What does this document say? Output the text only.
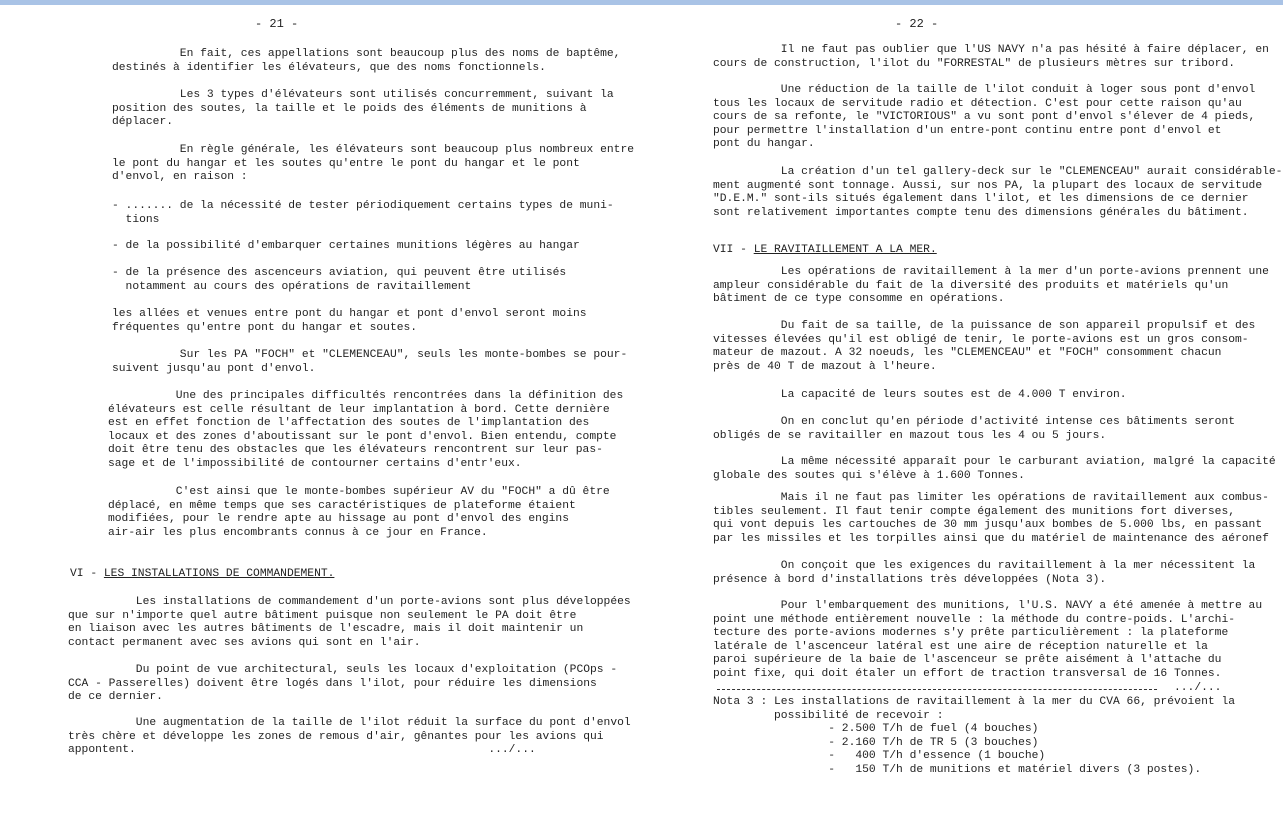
- 21 -
En fait, ces appellations sont beaucoup plus des noms de baptême,
destinés à identifier les élévateurs, que des noms fonctionnels.
Les 3 types d'élévateurs sont utilisés concurremment, suivant la
position des soutes, la taille et le poids des éléments de munitions à
déplacer.
En règle générale, les élévateurs sont beaucoup plus nombreux entre
le pont du hangar et les soutes qu'entre le pont du hangar et le pont
d'envol, en raison :
- ....... de la nécessité de tester périodiquement certains types de muni-
tions
- de la possibilité d'embarquer certaines munitions légères au hangar
- de la présence des ascenceurs aviation, qui peuvent être utilisés
notamment au cours des opérations de ravitaillement
les allées et venues entre pont du hangar et pont d'envol seront moins
fréquentes qu'entre pont du hangar et soutes.
Sur les PA "FOCH" et "CLEMENCEAU", seuls les monte-bombes se pour-
suivent jusqu'au pont d'envol.
Une des principales difficultés rencontrées dans la définition des
élévateurs est celle résultant de leur implantation à bord. Cette dernière
est en effet fonction de l'affectation des soutes de l'implantation des
locaux et des zones d'aboutissant sur le pont d'envol. Bien entendu, compte
doit être tenu des obstacles que les élévateurs rencontrent sur leur pas-
sage et de l'impossibilité de contourner certains d'entr'eux.
C'est ainsi que le monte-bombes supérieur AV du "FOCH" a dû être
déplacé, en même temps que ses caractéristiques de plateforme étaient
modifiées, pour le rendre apte au hissage au pont d'envol des engins
air-air les plus encombrants connus à ce jour en France.
VI - LES INSTALLATIONS DE COMMANDEMENT.
Les installations de commandement d'un porte-avions sont plus développées
que sur n'importe quel autre bâtiment puisque non seulement le PA doit être
en liaison avec les autres bâtiments de l'escadre, mais il doit maintenir un
contact permanent avec ses avions qui sont en l'air.
Du point de vue architectural, seuls les locaux d'exploitation (PCOps -
CCA - Passerelles) doivent être logés dans l'ilot, pour réduire les dimensions
de ce dernier.
Une augmentation de la taille de l'ilot réduit la surface du pont d'envol
très chère et développe les zones de remous d'air, gênantes pour les avions qui
appontent.                                                    .../...
- 22 -
Il ne faut pas oublier que l'US NAVY n'a pas hésité à faire déplacer, en
cours de construction, l'ilot du "FORRESTAL" de plusieurs mètres sur tribord.
Une réduction de la taille de l'ilot conduit à loger sous pont d'envol
tous les locaux de servitude radio et détection. C'est pour cette raison qu'au
cours de sa refonte, le "VICTORIOUS" a vu sont pont d'envol s'élever de 4 pieds,
pour permettre l'installation d'un entre-pont continu entre pont d'envol et
pont du hangar.
La création d'un tel gallery-deck sur le "CLEMENCEAU" aurait considérable-
ment augmenté sont tonnage. Aussi, sur nos PA, la plupart des locaux de servitude
"D.E.M." sont-ils situés également dans l'ilot, et les dimensions de ce dernier
sont relativement importantes compte tenu des dimensions générales du bâtiment.
VII - LE RAVITAILLEMENT A LA MER.
Les opérations de ravitaillement à la mer d'un porte-avions prennent une
ampleur considérable du fait de la diversité des produits et matériels qu'un
bâtiment de ce type consomme en opérations.
Du fait de sa taille, de la puissance de son appareil propulsif et des
vitesses élevées qu'il est obligé de tenir, le porte-avions est un gros consom-
mateur de mazout. A 32 noeuds, les "CLEMENCEAU" et "FOCH" consomment chacun
près de 40 T de mazout à l'heure.
La capacité de leurs soutes est de 4.000 T environ.
On en conclut qu'en période d'activité intense ces bâtiments seront
obligés de se ravitailler en mazout tous les 4 ou 5 jours.
La même nécessité apparaît pour le carburant aviation, malgré la capacité
globale des soutes qui s'élève à 1.600 Tonnes.
Mais il ne faut pas limiter les opérations de ravitaillement aux combus-
tibles seulement. Il faut tenir compte également des munitions fort diverses,
qui vont depuis les cartouches de 30 mm jusqu'aux bombes de 5.000 lbs, en passant
par les missiles et les torpilles ainsi que du matériel de maintenance des aéronef
On conçoit que les exigences du ravitaillement à la mer nécessitent la
présence à bord d'installations très développées (Nota 3).
Pour l'embarquement des munitions, l'U.S. NAVY a été amenée à mettre au
point une méthode entièrement nouvelle : la méthode du contre-poids. L'archi-
tecture des porte-avions modernes s'y prête particulièrement : la plateforme
latérale de l'ascenceur latéral est une aire de réception naturelle et la
paroi supérieure de la baie de l'ascenceur se prête aisément à l'attache du
point fixe, qui doit étaler un effort de traction transversal de 16 Tonnes.
.../...
Nota 3 : Les installations de ravitaillement à la mer du CVA 66, prévoient la
possibilité de recevoir :
- 2.500 T/h de fuel (4 bouches)
- 2.160 T/h de TR 5 (3 bouches)
-   400 T/h d'essence (1 bouche)
-   150 T/h de munitions et matériel divers (3 postes).
